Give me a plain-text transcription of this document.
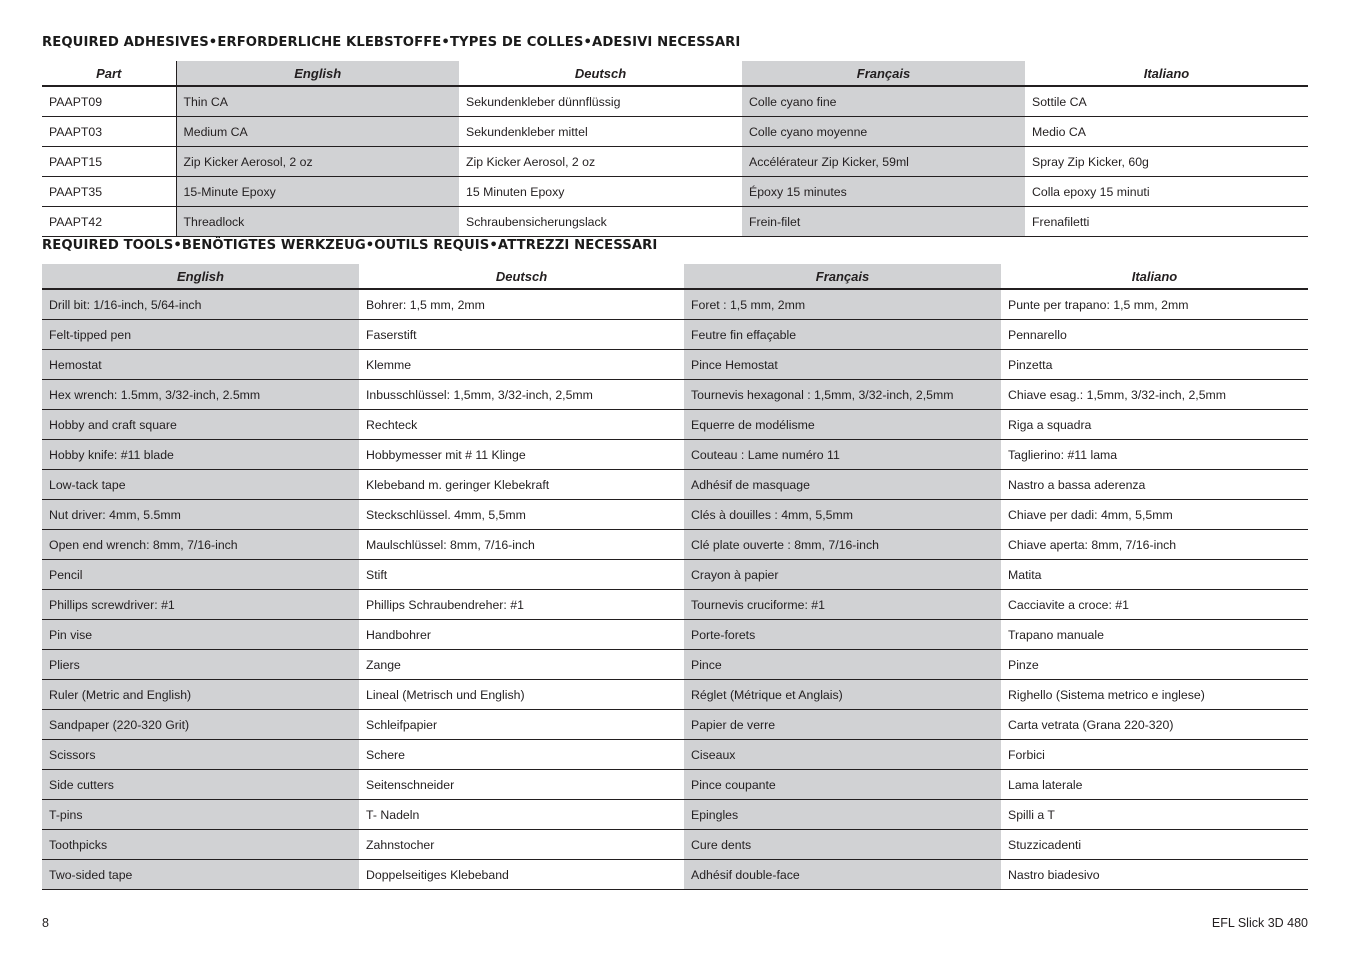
REQUIRED ADHESIVES•ERFORDERLICHE KLEBSTOFFE•TYPES DE COLLES•ADESIVI NECESSARI
Part	English	Deutsch	Français	Italiano
PAAPT09	Thin CA	Sekundenkleber dünnflüssig	Colle cyano fine	Sottile CA
PAAPT03	Medium CA	Sekundenkleber mittel	Colle cyano moyenne	Medio CA
PAAPT15	Zip Kicker Aerosol, 2 oz	Zip Kicker Aerosol, 2 oz	Accélérateur Zip Kicker, 59ml	Spray Zip Kicker, 60g
PAAPT35	15-Minute Epoxy	15 Minuten Epoxy	Époxy 15 minutes	Colla epoxy 15 minuti
PAAPT42	Threadlock	Schraubensicherungslack	Frein-filet	Frenafiletti
REQUIRED TOOLS•BENÖTIGTES WERKZEUG•OUTILS REQUIS•ATTREZZI NECESSARI
English	Deutsch	Français	Italiano
Drill bit: 1/16-inch, 5/64-inch	Bohrer: 1,5 mm, 2mm	Foret : 1,5 mm, 2mm	Punte per trapano: 1,5 mm, 2mm
Felt-tipped pen	Faserstift	Feutre fin effaçable	Pennarello
Hemostat	Klemme	Pince Hemostat	Pinzetta
Hex wrench: 1.5mm, 3/32-inch, 2.5mm	Inbusschlüssel: 1,5mm, 3/32-inch, 2,5mm	Tournevis hexagonal : 1,5mm, 3/32-inch, 2,5mm	Chiave esag.: 1,5mm, 3/32-inch, 2,5mm
Hobby and craft square	Rechteck	Equerre de modélisme	Riga a squadra
Hobby knife: #11 blade	Hobbymesser mit # 11 Klinge	Couteau : Lame numéro 11	Taglierino: #11 lama
Low-tack tape	Klebeband m. geringer Klebekraft	Adhésif de masquage	Nastro a bassa aderenza
Nut driver: 4mm, 5.5mm	Steckschlüssel. 4mm, 5,5mm	Clés à douilles : 4mm, 5,5mm	Chiave per dadi: 4mm, 5,5mm
Open end wrench: 8mm, 7/16-inch	Maulschlüssel: 8mm, 7/16-inch	Clé plate ouverte : 8mm, 7/16-inch	Chiave aperta: 8mm, 7/16-inch
Pencil	Stift	Crayon à papier	Matita
Phillips screwdriver: #1	Phillips Schraubendreher: #1	Tournevis cruciforme: #1	Cacciavite a croce: #1
Pin vise	Handbohrer	Porte-forets	Trapano manuale
Pliers	Zange	Pince	Pinze
Ruler (Metric and English)	Lineal (Metrisch und English)	Réglet (Métrique et Anglais)	Righello (Sistema metrico e inglese)
Sandpaper (220-320 Grit)	Schleifpapier	Papier de verre	Carta vetrata (Grana 220-320)
Scissors	Schere	Ciseaux	Forbici
Side cutters	Seitenschneider	Pince coupante	Lama laterale
T-pins	T- Nadeln	Epingles	Spilli a T
Toothpicks	Zahnstocher	Cure dents	Stuzzicadenti
Two-sided tape	Doppelseitiges Klebeband	Adhésif double-face	Nastro biadesivo
8	EFL Slick 3D 480
